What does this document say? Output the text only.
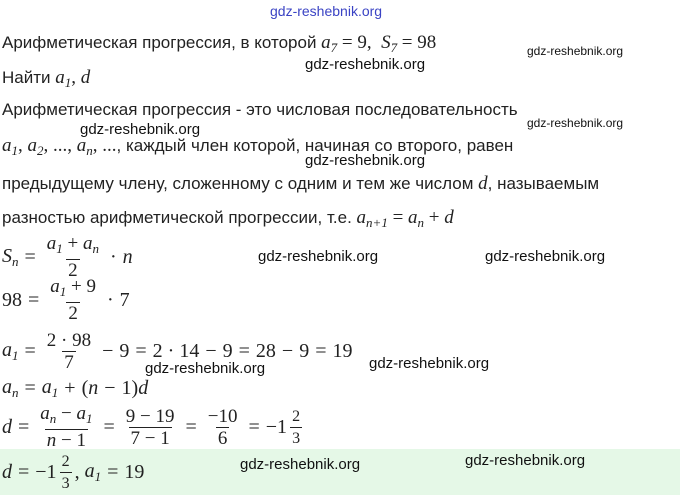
gdz-reshebnik.org
gdz-reshebnik.org
gdz-reshebnik.org
gdz-reshebnik.org	gdz-reshebnik.org
gdz-reshebnik.org
gdz-reshebnik.org	gdz-reshebnik.org
gdz-reshebnik.org	gdz-reshebnik.org
gdz-reshebnik.org	gdz-reshebnik.org
Арифметическая прогрессия, в которой $a_7 = 9$, $S_7 = 98$
Найти $a_1$, d
Арифметическая прогрессия - это числовая последовательность
$a_1$, $a_2$, ..., $a_n$, ..., каждый член которой, начиная со второго, равен
предыдущему члену, сложенному с одним и тем же числом d, называемым
разностью арифметической прогрессии, т.е. $a_{n+1} = a_n + d$
$S_n = \frac{a_1 + a_n}{2} \cdot n$
$98 = \frac{a_1 + 9}{2} \cdot 7$
$a_1 = \frac{2 \cdot 98}{7} - 9 = 2 \cdot 14 - 9 = 28 - 9 = 19$
$a_n = a_1$ + ( n − 1) d
$d = \frac{a_n - a_1}{n - 1} = \frac{9 - 19}{7 - 1} = \frac{-10}{6} = -1 \frac{2}{3}$
$d = -1 \frac{2}{3}$ ,
$a_1 = 19$
